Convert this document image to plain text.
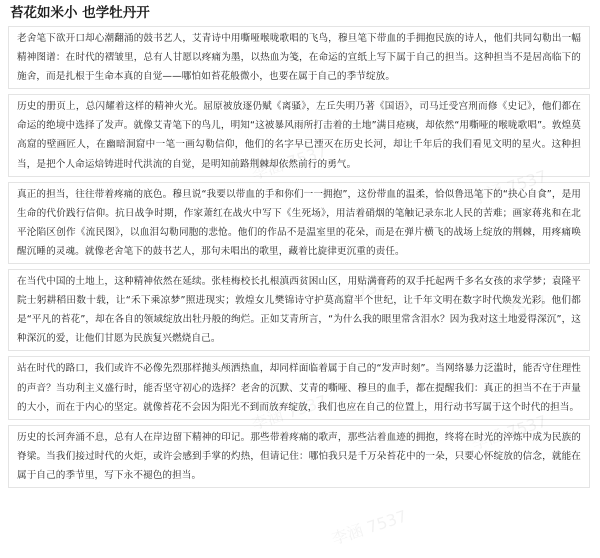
苔花如米小 也学牡丹开
老舍笔下欲开口却心潮翻涌的鼓书艺人，艾青诗中用嘶哑喉咙歌唱的飞鸟，穆旦笔下带血的手拥抱民族的诗人，他们共同勾勒出一幅精神图谱：在时代的褶皱里，总有人甘愿以疼痛为墨，以热血为笺，在命运的宣纸上写下属于自己的担当。这种担当不是居高临下的施舍，而是扎根于生命本真的自觉——哪怕如苔花般微小，也要在属于自己的季节绽放。
历史的册页上，总闪耀着这样的精神火光。屈原被放逐仍赋《离骚》，左丘失明乃著《国语》，司马迁受宫刑而修《史记》，他们都在命运的绝境中选择了发声。就像艾青笔下的鸟儿，明知“这被暴风雨所打击着的土地”满目疮痍，却依然“用嘶哑的喉咙歌唱”。敦煌莫高窟的壁画匠人，在幽暗洞窟中一笔一画勾勒信仰，他们的名字早已湮灭在历史长河，却让千年后的我们看见文明的星火。这种担当，是把个人命运焙铸进时代洪流的自觉，是明知前路荆棘却依然前行的勇气。
真正的担当，往往带着疼痛的底色。穆旦说“我要以带血的手和你们一一拥抱”，这份带血的温柔，恰似鲁迅笔下的“抉心自食”，是用生命的代价践行信仰。抗日战争时期，作家萧红在战火中写下《生死场》，用洁着硝烟的笔触记录东北人民的苦难；画家蒋兆和在北平沦陷区创作《流民图》，以血泪勾勒同胞的悲怆。他们的作品不是温室里的花朵，而是在弹片横飞的战场上绽放的荆棘，用疼痛唤醒沉睡的灵魂。就像老舍笔下的鼓书艺人，那句未唱出的歌里，藏着比旋律更沉重的责任。
在当代中国的土地上，这种精神依然在延续。张桂梅校长扎根滇西贫困山区，用贴满膏药的双手托起两千多名女孩的求学梦；袁隆平院士躬耕稻田数十载，让“禾下乘凉梦”照进现实；敦煌女儿樊锦诗守护莫高窟半个世纪，让千年文明在数字时代焕发光彩。他们都是“平凡的苔花”，却在各自的领域绽放出牡丹般的绚烂。正如艾青所言，“为什么我的眼里常含泪水？因为我对这土地爱得深沉”，这种深沉的爱，让他们甘愿为民族复兴燃烧自己。
站在时代的路口，我们或许不必像先烈那样抛头颅洒热血，却同样面临着属于自己的“发声时刻”。当网络暴力泛滥时，能否守住理性的声音？当功利主义盛行时，能否坚守初心的选择？老舍的沉默、艾青的嘶哑、穆旦的血手，都在提醒我们：真正的担当不在于声量的大小，而在于内心的坚定。就像苔花不会因为阳光不到而放弃绽放，我们也应在自己的位置上，用行动书写属于这个时代的担当。
历史的长河奔涌不息，总有人在岸边留下精神的印记。那些带着疼痛的歌声，那些沾着血迹的拥抱，终将在时光的淬炼中成为民族的脊梁。当我们接过时代的火炬，或许会感到手掌的灼热，但请记住：哪怕我只是千万朵苔花中的一朵，只要心怀绽放的信念，就能在属于自己的季节里，写下永不褪色的担当。
李涵 7537
